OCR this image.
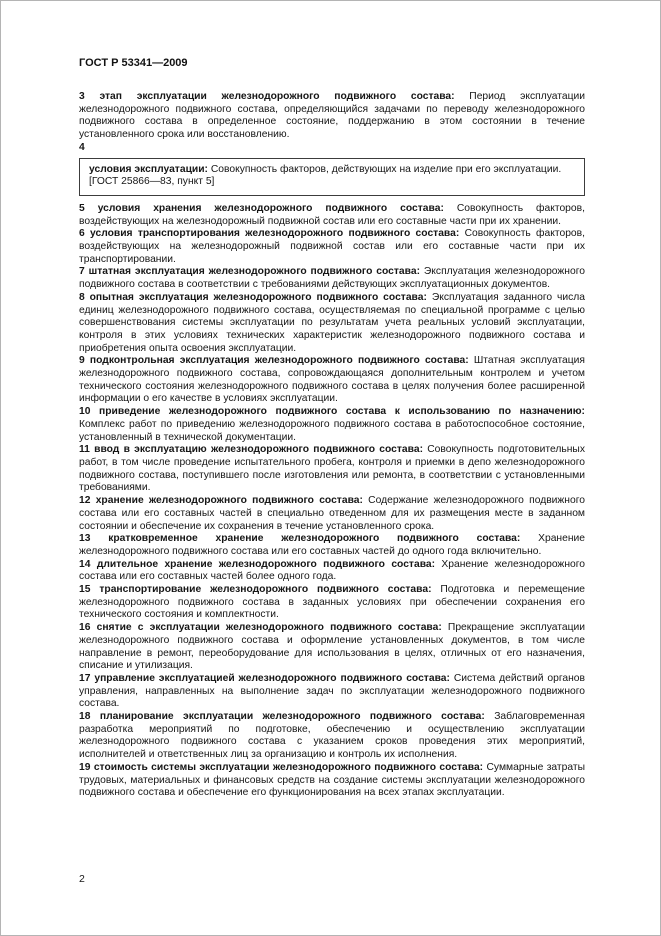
ГОСТ Р 53341—2009

3 этап эксплуатации железнодорожного подвижного состава: Период эксплуатации железнодорожного подвижного состава, определяющийся задачами по переводу железнодорожного подвижного состава в определенное состояние, поддержанию в этом состоянии в течение установленного срока или восстановлению.

4

условия эксплуатации: Совокупность факторов, действующих на изделие при его эксплуатации.

[ГОСТ 25866—83, пункт 5]

5 условия хранения железнодорожного подвижного состава: Совокупность факторов, воздействующих на железнодорожный подвижной состав или его составные части при их хранении.

6 условия транспортирования железнодорожного подвижного состава: Совокупность факторов, воздействующих на железнодорожный подвижной состав или его составные части при их транспортировании.

7 штатная эксплуатация железнодорожного подвижного состава: Эксплуатация железнодорожного подвижного состава в соответствии с требованиями действующих эксплуатационных документов.

8 опытная эксплуатация железнодорожного подвижного состава: Эксплуатация заданного числа единиц железнодорожного подвижного состава, осуществляемая по специальной программе с целью совершенствования системы эксплуатации по результатам учета реальных условий эксплуатации, контроля в этих условиях технических характеристик железнодорожного подвижного состава и приобретения опыта освоения эксплуатации.

9 подконтрольная эксплуатация железнодорожного подвижного состава: Штатная эксплуатация железнодорожного подвижного состава, сопровождающаяся дополнительным контролем и учетом технического состояния железнодорожного подвижного состава в целях получения более расширенной информации о его качестве в условиях эксплуатации.

10 приведение железнодорожного подвижного состава к использованию по назначению: Комплекс работ по приведению железнодорожного подвижного состава в работоспособное состояние, установленный в технической документации.

11 ввод в эксплуатацию железнодорожного подвижного состава: Совокупность подготовительных работ, в том числе проведение испытательного пробега, контроля и приемки в депо железнодорожного подвижного состава, поступившего после изготовления или ремонта, в соответствии с установленными требованиями.

12 хранение железнодорожного подвижного состава: Содержание железнодорожного подвижного состава или его составных частей в специально отведенном для их размещения месте в заданном состоянии и обеспечение их сохранения в течение установленного срока.

13 кратковременное хранение железнодорожного подвижного состава: Хранение железнодорожного подвижного состава или его составных частей до одного года включительно.

14 длительное хранение железнодорожного подвижного состава: Хранение железнодорожного состава или его составных частей более одного года.

15 транспортирование железнодорожного подвижного состава: Подготовка и перемещение железнодорожного подвижного состава в заданных условиях при обеспечении сохранения его технического состояния и комплектности.

16 снятие с эксплуатации железнодорожного подвижного состава: Прекращение эксплуатации железнодорожного подвижного состава и оформление установленных документов, в том числе направление в ремонт, переоборудование для использования в целях, отличных от его назначения, списание и утилизация.

17 управление эксплуатацией железнодорожного подвижного состава: Система действий органов управления, направленных на выполнение задач по эксплуатации железнодорожного подвижного состава.

18 планирование эксплуатации железнодорожного подвижного состава: Заблаговременная разработка мероприятий по подготовке, обеспечению и осуществлению эксплуатации железнодорожного подвижного состава с указанием сроков проведения этих мероприятий, исполнителей и ответственных лиц за организацию и контроль их исполнения.

19 стоимость системы эксплуатации железнодорожного подвижного состава: Суммарные затраты трудовых, материальных и финансовых средств на создание системы эксплуатации железнодорожного подвижного состава и обеспечение его функционирования на всех этапах эксплуатации.

2
